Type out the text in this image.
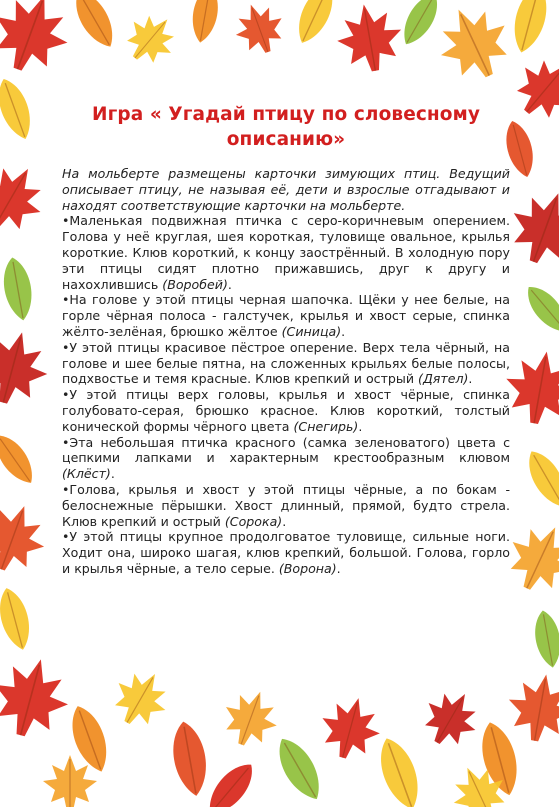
Игра « Угадай птицу по словесному описанию»

На мольберте размещены карточки зимующих птиц. Ведущий описывает птицу, не называя её, дети и взрослые отгадывают и находят соответствующие карточки на мольберте.

•Маленькая подвижная птичка с серо-коричневым оперением. Голова у неё круглая, шея короткая, туловище овальное, крылья короткие. Клюв короткий, к концу заострённый. В холодную пору эти птицы сидят плотно прижавшись, друг к другу и нахохлившись (Воробей).

•На голове у этой птицы черная шапочка. Щёки у нее белые, на горле чёрная полоса - галстучек, крылья и хвост серые, спинка жёлто-зелёная, брюшко жёлтое (Синица).

•У этой птицы красивое пёстрое оперение. Верх тела чёрный, на голове и шее белые пятна, на сложенных крыльях белые полосы, подхвостье и темя красные. Клюв крепкий и острый (Дятел).

•У этой птицы верх головы, крылья и хвост чёрные, спинка голубовато-серая, брюшко красное. Клюв короткий, толстый конической формы чёрного цвета (Снегирь).

•Эта небольшая птичка красного (самка зеленоватого) цвета с цепкими лапками и характерным крестообразным клювом (Клёст).

•Голова, крылья и хвост у этой птицы чёрные, а по бокам - белоснежные пёрышки. Хвост длинный, прямой, будто стрела. Клюв крепкий и острый (Сорока).

•У этой птицы крупное продолговатое туловище, сильные ноги. Ходит она, широко шагая, клюв крепкий, большой. Голова, горло и крылья чёрные, а тело серые. (Ворона).
